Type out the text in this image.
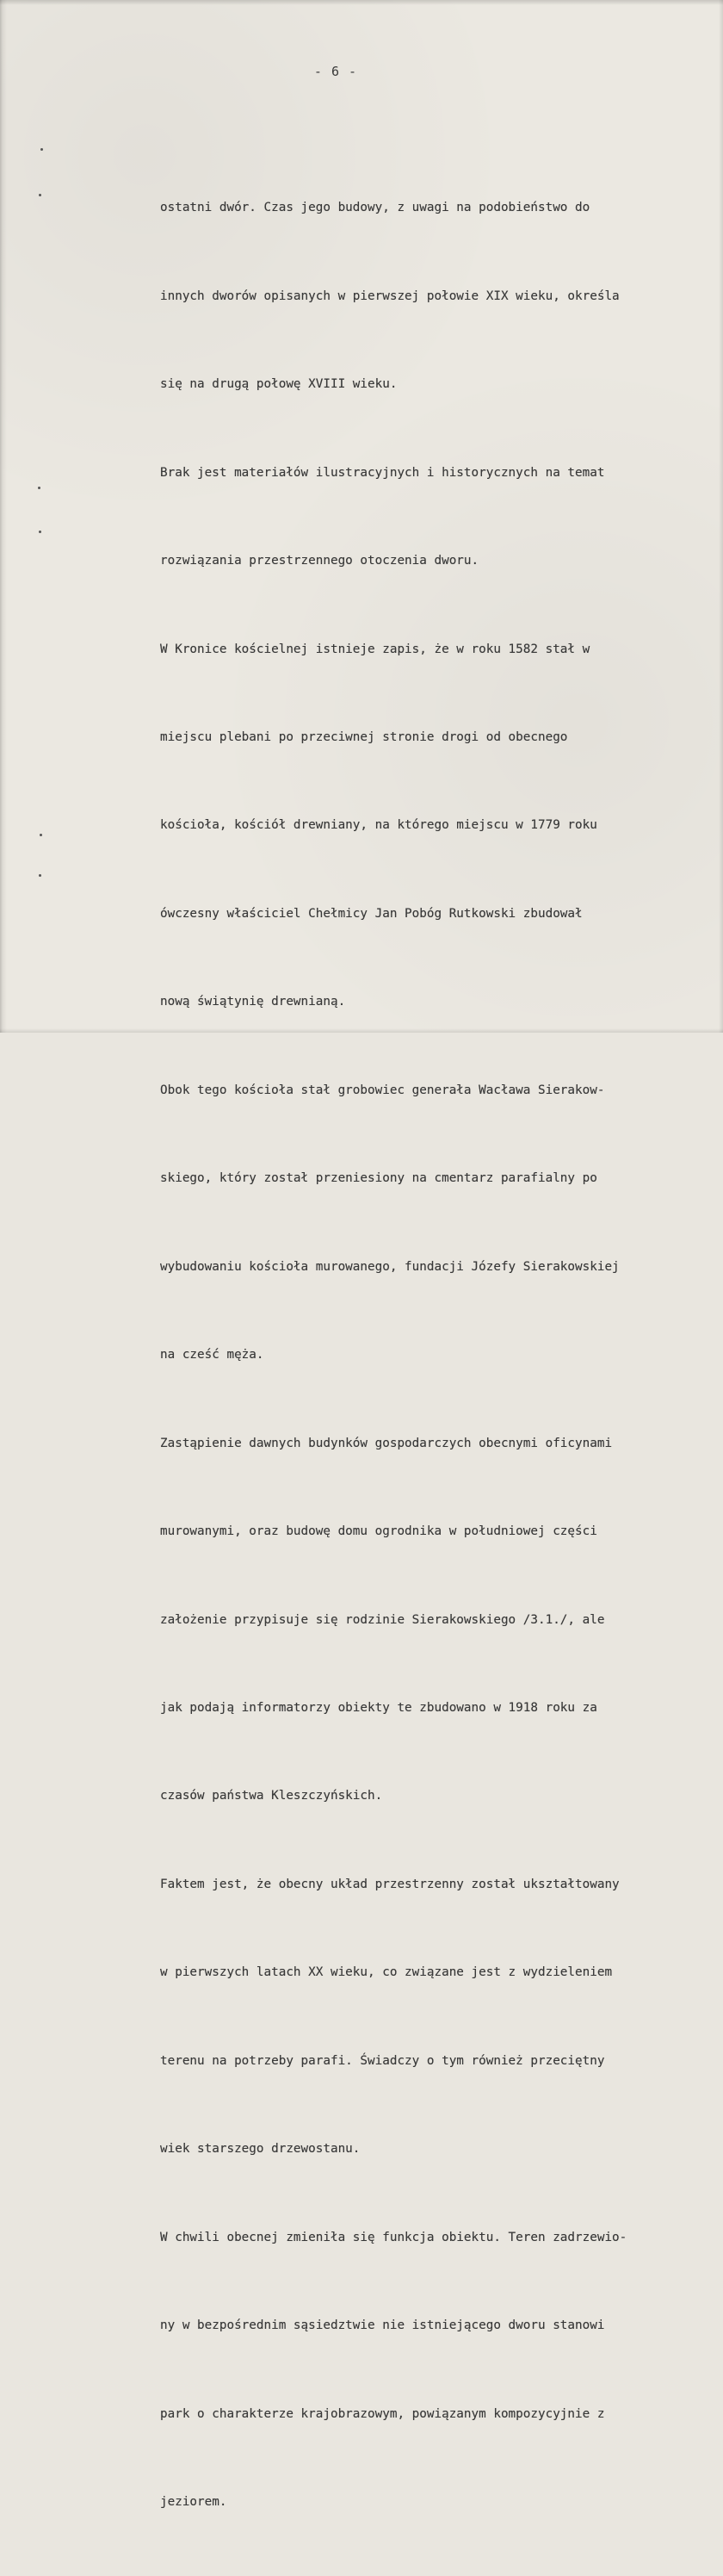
- 6 -

ostatni dwór. Czas jego budowy, z uwagi na podobieństwo do

innych dworów opisanych w pierwszej połowie XIX wieku, określa

się na drugą połowę XVIII wieku.

Brak jest materiałów ilustracyjnych i historycznych na temat

rozwiązania przestrzennego otoczenia dworu.

W Kronice kościelnej istnieje zapis, że w roku 1582 stał w

miejscu plebani po przeciwnej stronie drogi od obecnego

kościoła, kościół drewniany, na którego miejscu w 1779 roku

ówczesny właściciel Chełmicy Jan Pobóg Rutkowski zbudował

nową świątynię drewnianą.

Obok tego kościoła stał grobowiec generała Wacława Sierakow-

skiego, który został przeniesiony na cmentarz parafialny po

wybudowaniu kościoła murowanego, fundacji Józefy Sierakowskiej

na cześć męża.

Zastąpienie dawnych budynków gospodarczych obecnymi oficynami

murowanymi, oraz budowę domu ogrodnika w południowej części

założenie przypisuje się rodzinie Sierakowskiego /3.1./, ale

jak podają informatorzy obiekty te zbudowano w 1918 roku za

czasów państwa Kleszczyńskich.

Faktem jest, że obecny układ przestrzenny został ukształtowany

w pierwszych latach XX wieku, co związane jest z wydzieleniem

terenu na potrzeby parafi. Świadczy o tym również przeciętny

wiek starszego drzewostanu.

W chwili obecnej zmieniła się funkcja obiektu. Teren zadrzewio-

ny w bezpośrednim sąsiedztwie nie istniejącego dworu stanowi

park o charakterze krajobrazowym, powiązanym kompozycyjnie z

jeziorem.
